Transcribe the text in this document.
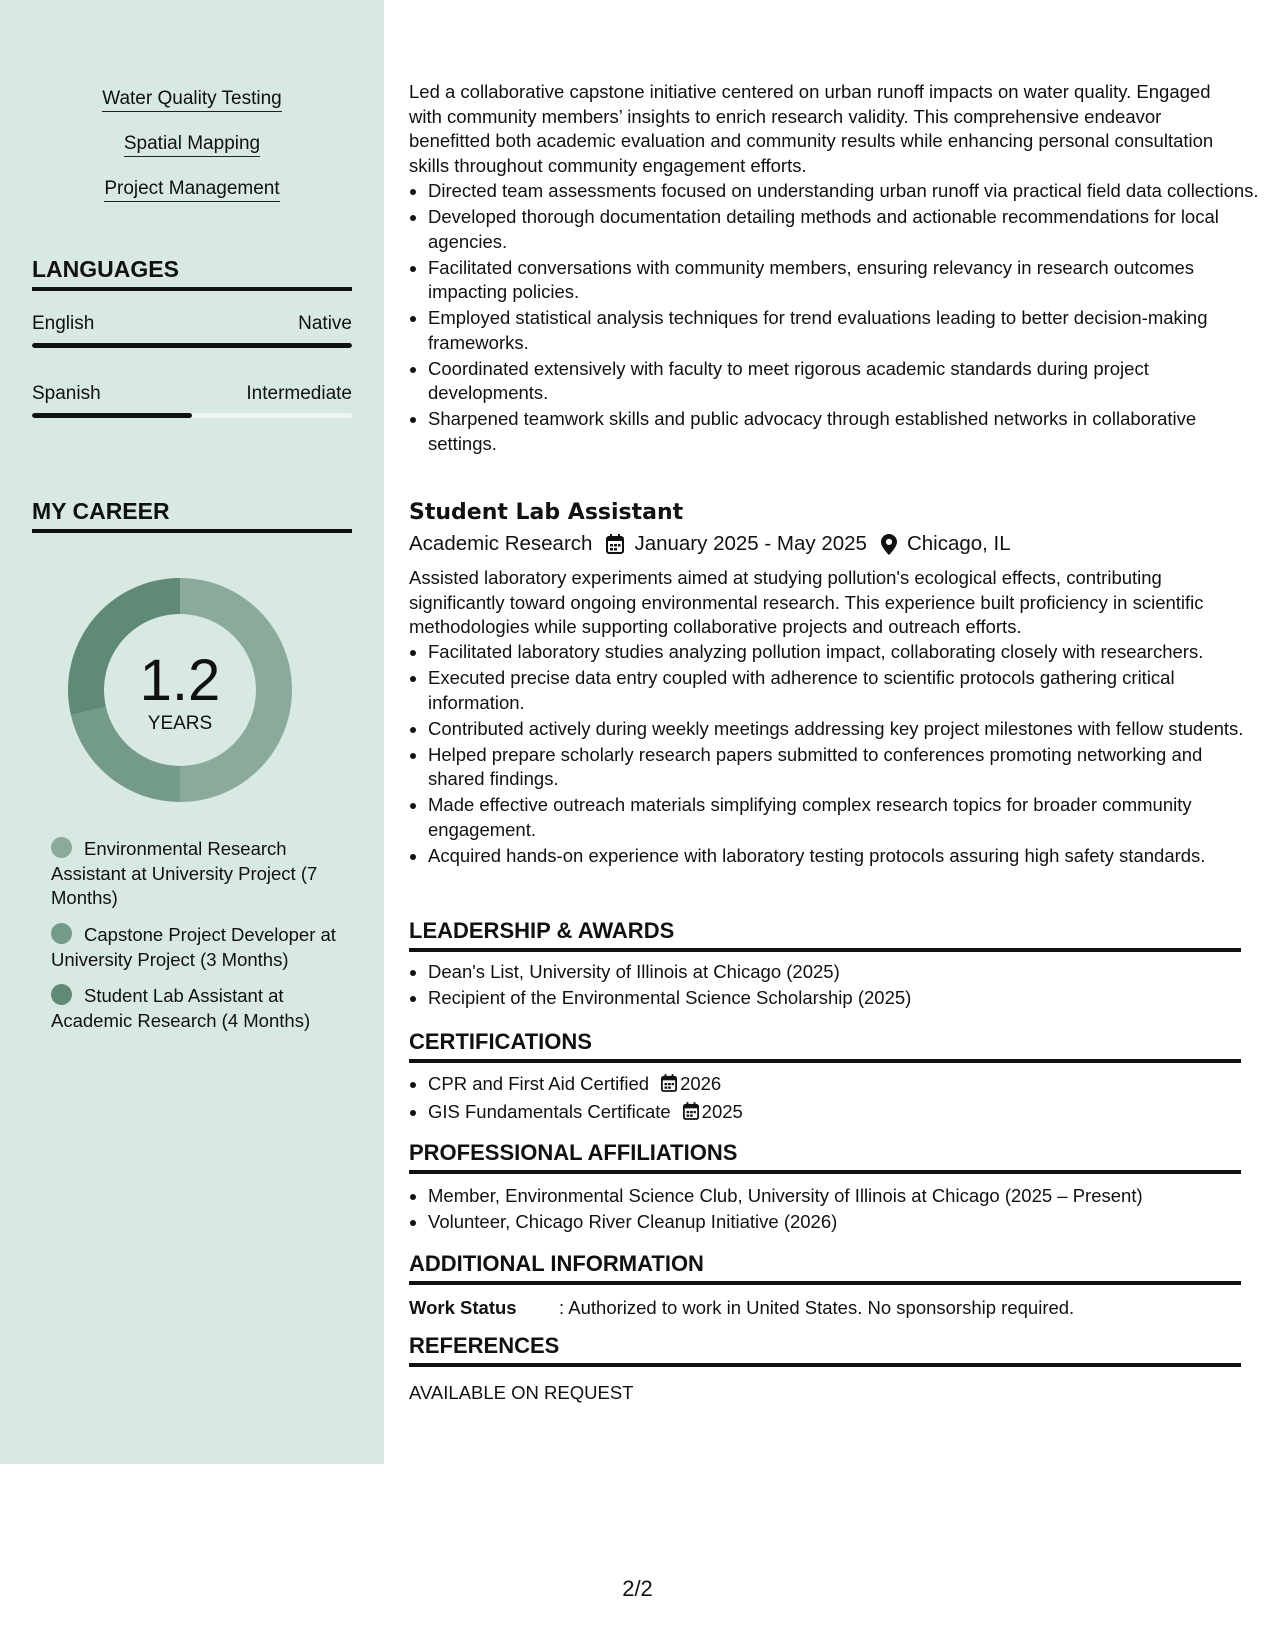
Water Quality Testing
Spatial Mapping
Project Management
LANGUAGES
English	Native
Spanish	Intermediate
MY CAREER
1.2
YEARS
Environmental Research Assistant at University Project (7 Months)
Capstone Project Developer at University Project (3 Months)
Student Lab Assistant at Academic Research (4 Months)
Led a collaborative capstone initiative centered on urban runoff impacts on water quality. Engaged with community members’ insights to enrich research validity. This comprehensive endeavor benefitted both academic evaluation and community results while enhancing personal consultation skills throughout community engagement efforts.
• Directed team assessments focused on understanding urban runoff via practical field data collections.
• Developed thorough documentation detailing methods and actionable recommendations for local agencies.
• Facilitated conversations with community members, ensuring relevancy in research outcomes impacting policies.
• Employed statistical analysis techniques for trend evaluations leading to better decision-making frameworks.
• Coordinated extensively with faculty to meet rigorous academic standards during project developments.
• Sharpened teamwork skills and public advocacy through established networks in collaborative settings.
Student Lab Assistant
Academic Research January 2025 - May 2025 Chicago, IL
Assisted laboratory experiments aimed at studying pollution's ecological effects, contributing significantly toward ongoing environmental research. This experience built proficiency in scientific methodologies while supporting collaborative projects and outreach efforts.
• Facilitated laboratory studies analyzing pollution impact, collaborating closely with researchers.
• Executed precise data entry coupled with adherence to scientific protocols gathering critical information.
• Contributed actively during weekly meetings addressing key project milestones with fellow students.
• Helped prepare scholarly research papers submitted to conferences promoting networking and shared findings.
• Made effective outreach materials simplifying complex research topics for broader community engagement.
• Acquired hands-on experience with laboratory testing protocols assuring high safety standards.
LEADERSHIP & AWARDS
• Dean's List, University of Illinois at Chicago (2025)
• Recipient of the Environmental Science Scholarship (2025)
CERTIFICATIONS
• CPR and First Aid Certified 2026
• GIS Fundamentals Certificate 2025
PROFESSIONAL AFFILIATIONS
• Member, Environmental Science Club, University of Illinois at Chicago (2025 – Present)
• Volunteer, Chicago River Cleanup Initiative (2026)
ADDITIONAL INFORMATION
Work Status : Authorized to work in United States. No sponsorship required.
REFERENCES
AVAILABLE ON REQUEST
2/2
